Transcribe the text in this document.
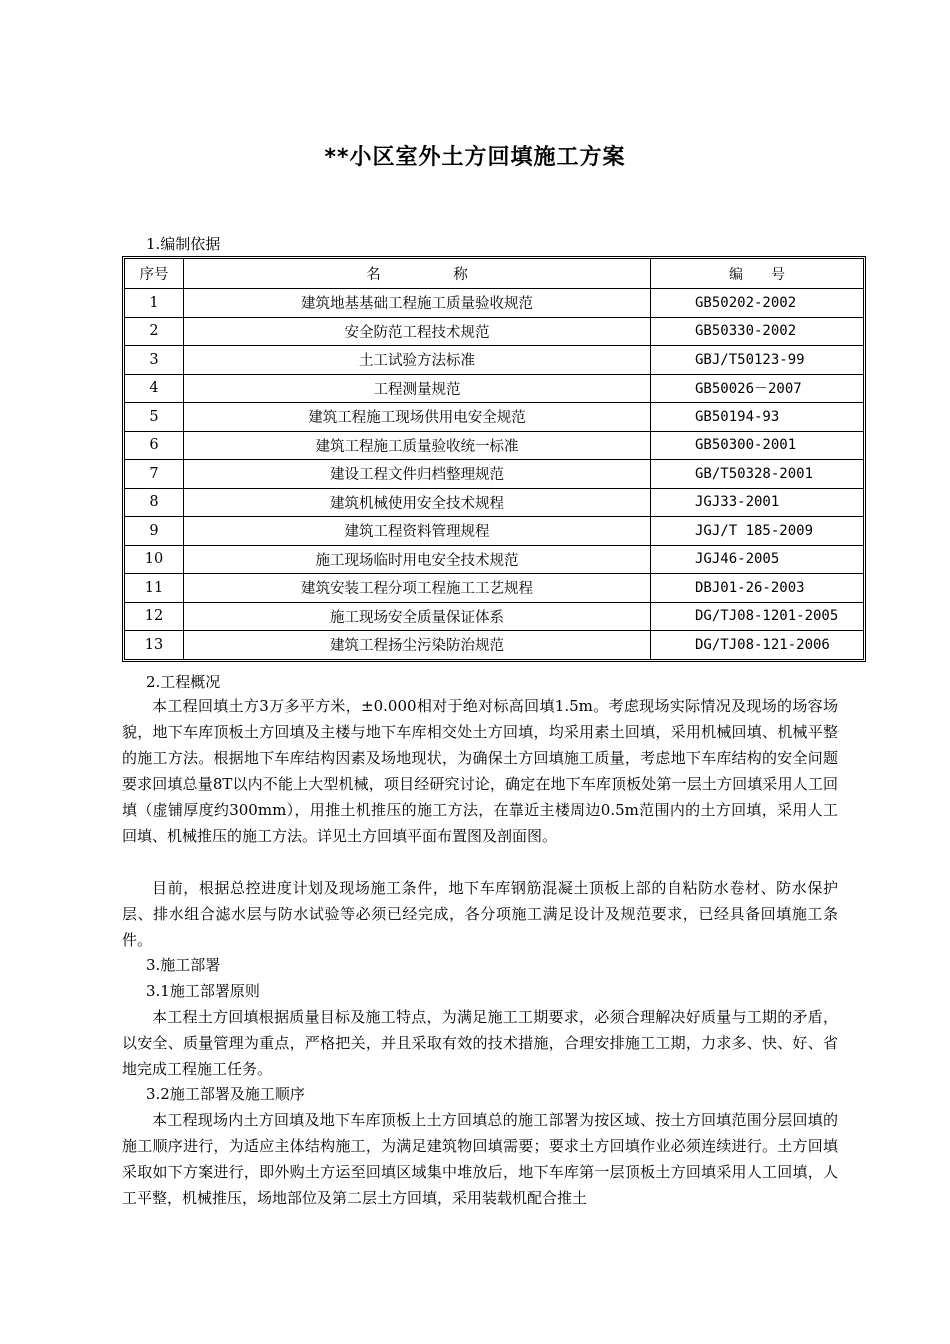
**小区室外土方回填施工方案
1.编制依据
序号	名　　　　　称	编　　号
1	建筑地基基础工程施工质量验收规范	GB50202-2002
2	安全防范工程技术规范	GB50330-2002
3	土工试验方法标准	GBJ/T50123-99
4	工程测量规范	GB50026－2007
5	建筑工程施工现场供用电安全规范	GB50194-93
6	建筑工程施工质量验收统一标准	GB50300-2001
7	建设工程文件归档整理规范	GB/T50328-2001
8	建筑机械使用安全技术规程	JGJ33-2001
9	建筑工程资料管理规程	JGJ/T 185-2009
10	施工现场临时用电安全技术规范	JGJ46-2005
11	建筑安装工程分项工程施工工艺规程	DBJ01-26-2003
12	施工现场安全质量保证体系	DG/TJ08-1201-2005
13	建筑工程扬尘污染防治规范	DG/TJ08-121-2006
2.工程概况

本工程回填土方3万多平方米，±0.000相对于绝对标高回填1.5m。考虑现场实际情况及现场的场容场貌，地下车库顶板土方回填及主楼与地下车库相交处土方回填，均采用素土回填，采用机械回填、机械平整的施工方法。根据地下车库结构因素及场地现状，为确保土方回填施工质量，考虑地下车库结构的安全问题要求回填总量8T以内不能上大型机械，项目经研究讨论，确定在地下车库顶板处第一层土方回填采用人工回填（虚铺厚度约300mm），用推土机推压的施工方法，在靠近主楼周边0.5m范围内的土方回填，采用人工回填、机械推压的施工方法。详见土方回填平面布置图及剖面图。

目前，根据总控进度计划及现场施工条件，地下车库钢筋混凝土顶板上部的自粘防水卷材、防水保护层、排水组合滤水层与防水试验等必须已经完成，各分项施工满足设计及规范要求，已经具备回填施工条件。

3.施工部署
3.1施工部署原则

本工程土方回填根据质量目标及施工特点，为满足施工工期要求，必须合理解决好质量与工期的矛盾，以安全、质量管理为重点，严格把关，并且采取有效的技术措施，合理安排施工工期，力求多、快、好、省地完成工程施工任务。

3.2施工部署及施工顺序

本工程现场内土方回填及地下车库顶板上土方回填总的施工部署为按区域、按土方回填范围分层回填的施工顺序进行，为适应主体结构施工，为满足建筑物回填需要；要求土方回填作业必须连续进行。土方回填采取如下方案进行，即外购土方运至回填区域集中堆放后，地下车库第一层顶板土方回填采用人工回填，人工平整，机械推压，场地部位及第二层土方回填，采用装载机配合推土
